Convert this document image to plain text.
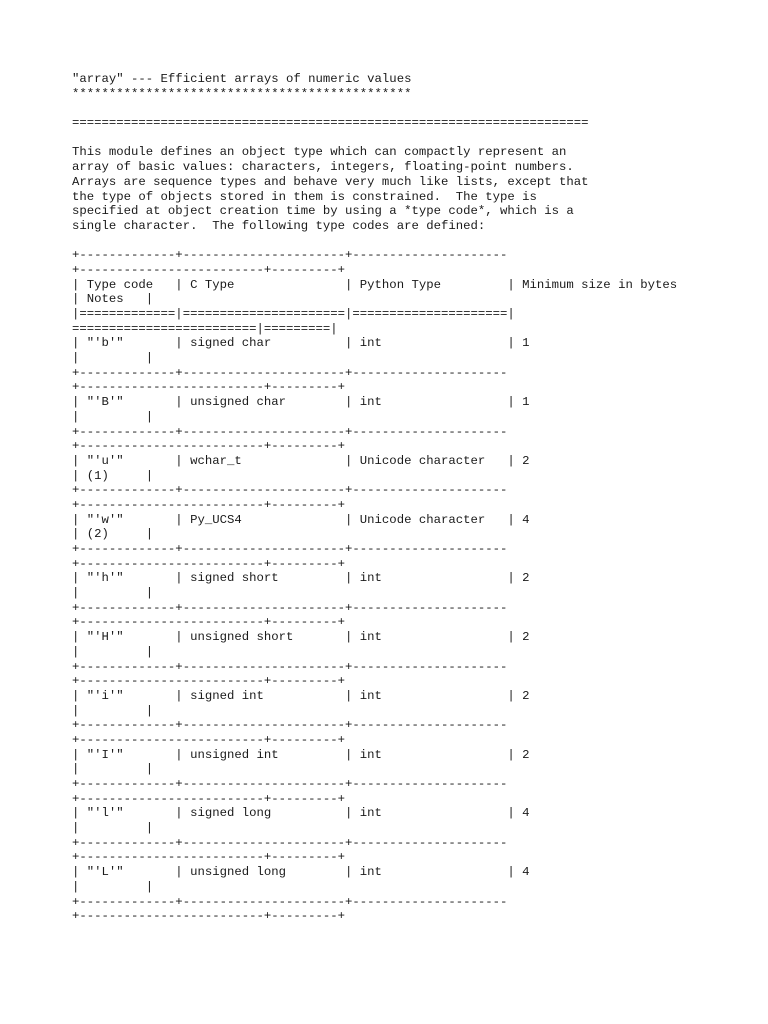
"array" --- Efficient arrays of numeric values
**********************************************
======================================================================
This module defines an object type which can compactly represent an
array of basic values: characters, integers, floating-point numbers.
Arrays are sequence types and behave very much like lists, except that
the type of objects stored in them is constrained.  The type is
specified at object creation time by using a *type code*, which is a
single character.  The following type codes are defined:
+-------------+----------------------+---------------------
+-------------------------+---------+
| Type code   | C Type               | Python Type         | Minimum size in bytes
| Notes   |
|=============|======================|=====================|
=========================|=========|
| "'b'"       | signed char          | int                 | 1
|         |
+-------------+----------------------+---------------------
+-------------------------+---------+
| "'B'"       | unsigned char        | int                 | 1
|         |
+-------------+----------------------+---------------------
+-------------------------+---------+
| "'u'"       | wchar_t              | Unicode character   | 2
| (1)     |
+-------------+----------------------+---------------------
+-------------------------+---------+
| "'w'"       | Py_UCS4              | Unicode character   | 4
| (2)     |
+-------------+----------------------+---------------------
+-------------------------+---------+
| "'h'"       | signed short         | int                 | 2
|         |
+-------------+----------------------+---------------------
+-------------------------+---------+
| "'H'"       | unsigned short       | int                 | 2
|         |
+-------------+----------------------+---------------------
+-------------------------+---------+
| "'i'"       | signed int           | int                 | 2
|         |
+-------------+----------------------+---------------------
+-------------------------+---------+
| "'I'"       | unsigned int         | int                 | 2
|         |
+-------------+----------------------+---------------------
+-------------------------+---------+
| "'l'"       | signed long          | int                 | 4
|         |
+-------------+----------------------+---------------------
+-------------------------+---------+
| "'L'"       | unsigned long        | int                 | 4
|         |
+-------------+----------------------+---------------------
+-------------------------+---------+
